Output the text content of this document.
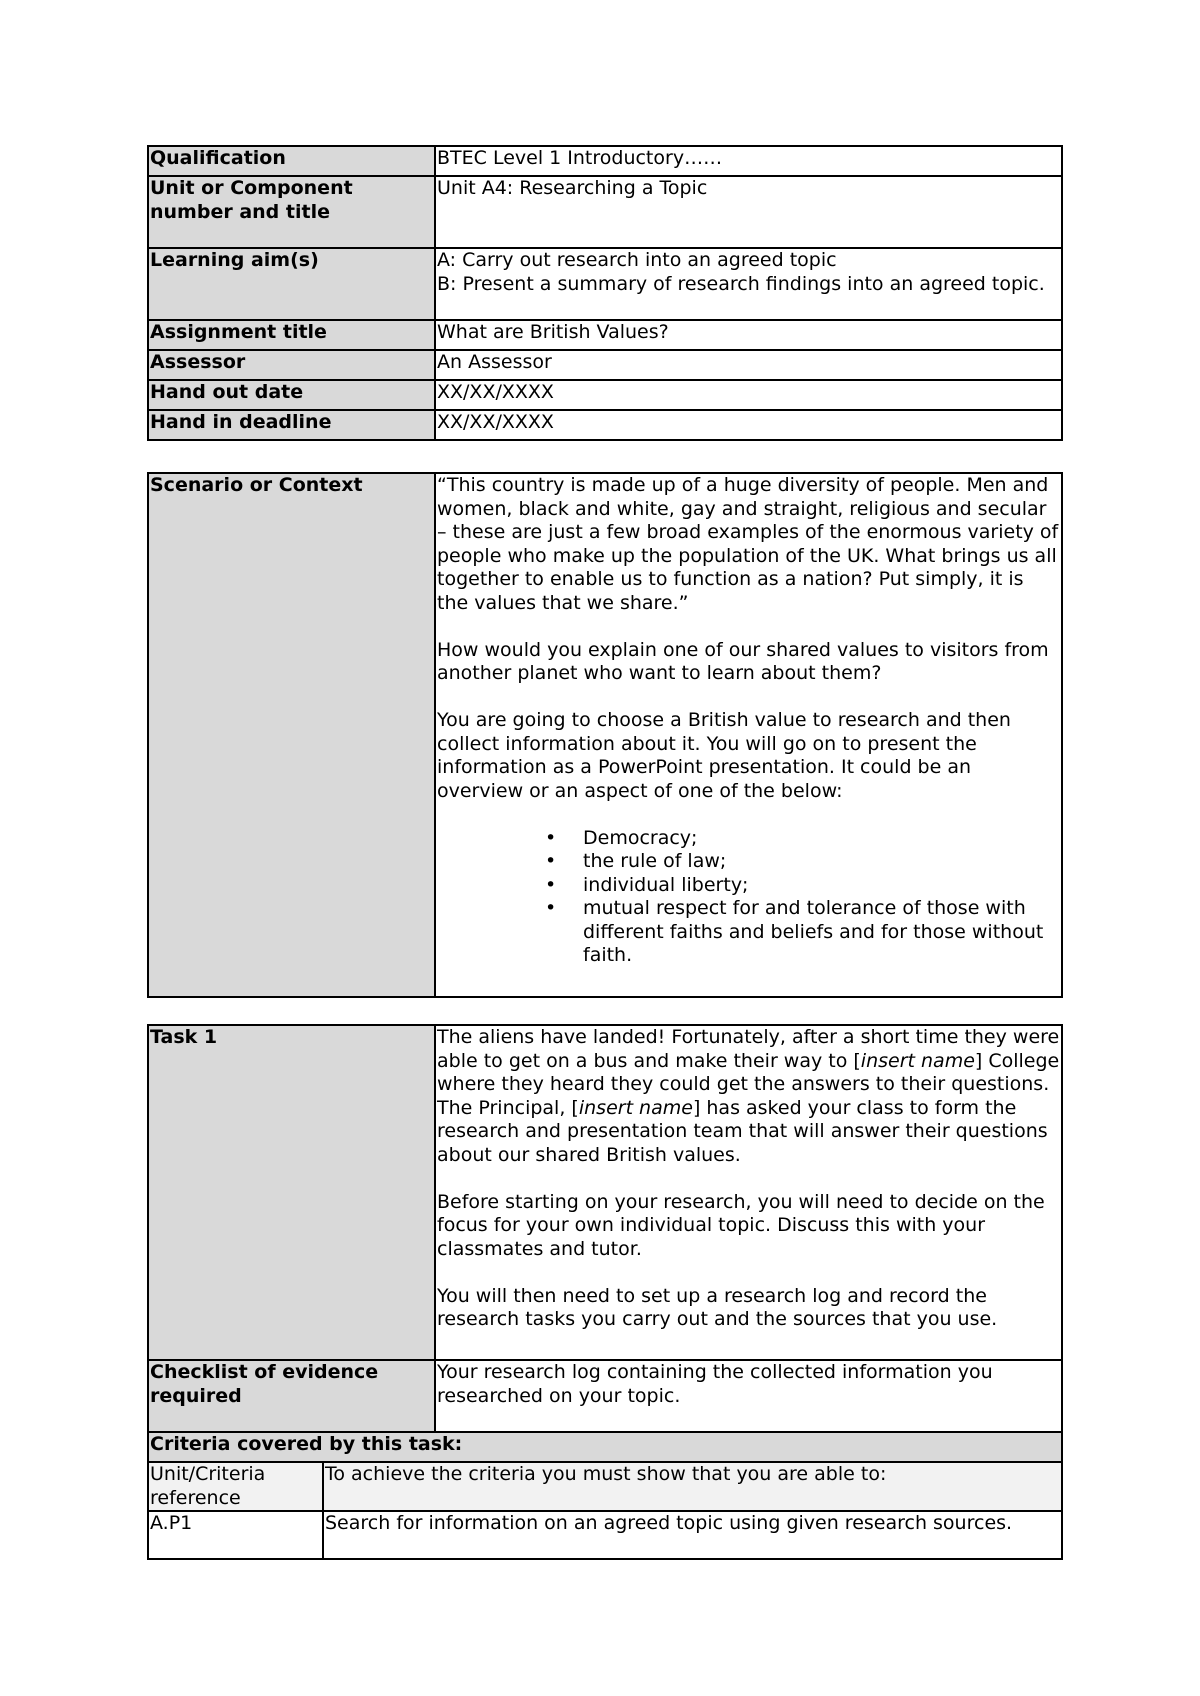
Qualification	BTEC Level 1 Introductory……
Unit or Component number and title	Unit A4: Researching a Topic
Learning aim(s)	A: Carry out research into an agreed topic
B: Present a summary of research findings into an agreed topic.

Assignment title	What are British Values?
Assessor	An Assessor
Hand out date	XX/XX/XXXX
Hand in deadline	XX/XX/XXXX
Scenario or Context	“This country is made up of a huge diversity of people. Men and women, black and white, gay and straight, religious and secular – these are just a few broad examples of the enormous variety of people who make up the population of the UK. What brings us all together to enable us to function as a nation? Put simply, it is the values that we share.”

How would you explain one of our shared values to visitors from another planet who want to learn about them?

You are going to choose a British value to research and then collect information about it. You will go on to present the information as a PowerPoint presentation. It could be an overview or an aspect of one of the below:

• Democracy;
• the rule of law;
• individual liberty;
• mutual respect for and tolerance of those with different faiths and beliefs and for those without faith.
Task 1		The aliens have landed! Fortunately, after a short time they were able to get on a bus and make their way to [insert name] College where they heard they could get the answers to their questions.

The Principal, [insert name] has asked your class to form the research and presentation team that will answer their questions about our shared British values.

Before starting on your research, you will need to decide on the focus for your own individual topic. Discuss this with your classmates and tutor.

You will then need to set up a research log and record the research tasks you carry out and the sources that you use.

Checklist of evidence required		Your research log containing the collected information you researched on your topic.
Criteria covered by this task:		
Unit/Criteria reference	To achieve the criteria you must show that you are able to:	
A.P1	Search for information on an agreed topic using given research sources.	
